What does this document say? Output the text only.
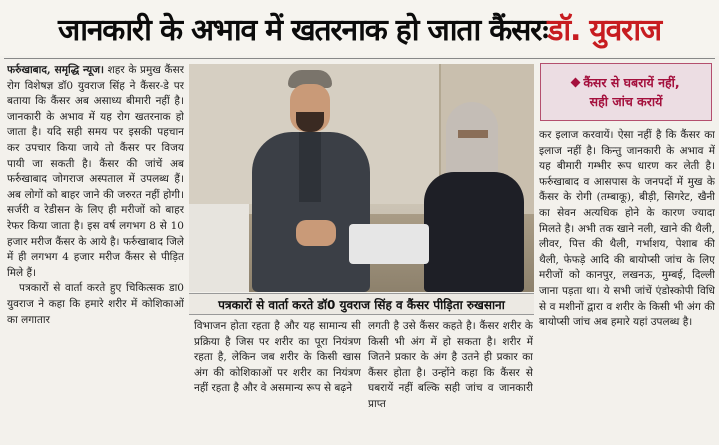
जानकारी के अभाव में खतरनाक हो जाता कैंसरः डॉ. युवराज

फर्रुखाबाद, समृद्धि न्यूज। शहर के प्रमुख कैंसर रोग विशेषज्ञ डॉ0 युवराज सिंह ने कैंसर-डे पर बताया कि कैंसर अब असाध्य बीमारी नहीं है। जानकारी के अभाव में यह रोग खतरनाक हो जाता है। यदि सही समय पर इसकी पहचान कर उपचार किया जाये तो कैंसर पर विजय पायी जा सकती है। कैंसर की जांचें अब फर्रुखाबाद जोगराज अस्पताल में उपलब्ध हैं। अब लोगों को बाहर जाने की जरुरत नहीं होगी। सर्जरी व रेडीसन के लिए ही मरीजों को बाहर रेफर किया जाता है। इस वर्ष लगभग 8 से 10 हजार मरीज कैंसर के आये है। फर्रुखाबाद जिले में ही लगभग 4 हजार मरीज कैंसर से पीड़ित मिले हैं।

पत्रकारों से वार्ता करते हुए चिकित्सक डा0 युवराज ने कहा कि हमारे शरीर में कोशिकाओं का लगातार

पत्रकारों से वार्ता करते डॉ0 युवराज सिंह व कैंसर पीड़िता रुखसाना

विभाजन होता रहता है और यह सामान्य सी प्रक्रिया है जिस पर शरीर का पूरा नियंत्रण रहता है, लेकिन जब शरीर के किसी खास अंग की कोशिकाओं पर शरीर का नियंत्रण नहीं रहता है और वे असमान्य रूप से बढ़ने

लगती है उसे कैंसर कहते है। कैंसर शरीर के किसी भी अंग में हो सकता है। शरीर में जितने प्रकार के अंग है उतने ही प्रकार का कैंसर होता है। उन्होंने कहा कि कैंसर से घबरायें नहीं बल्कि सही जांच व जानकारी प्राप्त

कैंसर से घबरायें नहीं,
सही जांच करायें

कर इलाज करवायें। ऐसा नहीं है कि कैंसर का इलाज नहीं है। किन्तु जानकारी के अभाव में यह बीमारी गम्भीर रूप धारण कर लेती है। फर्रुखाबाद व आसपास के जनपदों में मुख के कैंसर के रोगी (तम्बाकू), बीड़ी, सिगरेट, खैनी का सेवन अत्यधिक होने के कारण ज्यादा मिलते है। अभी तक खाने नली, खाने की थैली, लीवर, पित्त की थैली, गर्भाशय, पेशाब की थैली, फेफड़े आदि की बायोप्सी जांच के लिए मरीजों को कानपुर, लखनऊ, मुम्बई, दिल्ली जाना पड़ता था। ये सभी जांचें एंडोस्कोपी विधि से व मशीनों द्वारा व शरीर के किसी भी अंग की बायोप्सी जांच अब हमारे यहां उपलब्ध है।
